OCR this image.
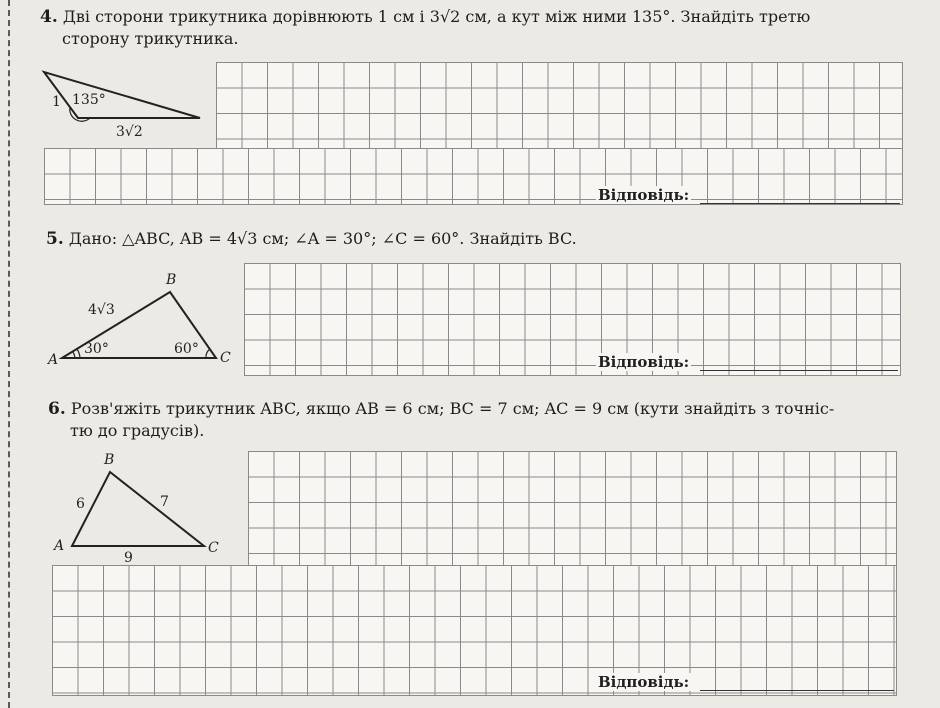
4. Дві сторони трикутника дорівнюють 1 см і 3√2 см, а кут між ними 135°. Знайдіть третю
сторону трикутника.
1 135°
3√2
Відповідь:
5. Дано: △ABC, AB = 4√3 см; ∠A = 30°; ∠C = 60°. Знайдіть BC.
B
A	C
4√3
30°	60°
Відповідь:
6. Розв'яжіть трикутник ABC, якщо AB = 6 см; BC = 7 см; AC = 9 см (кути знайдіть з точніс-
тю до градусів).
B
A	C
6	7
9
Відповідь:
